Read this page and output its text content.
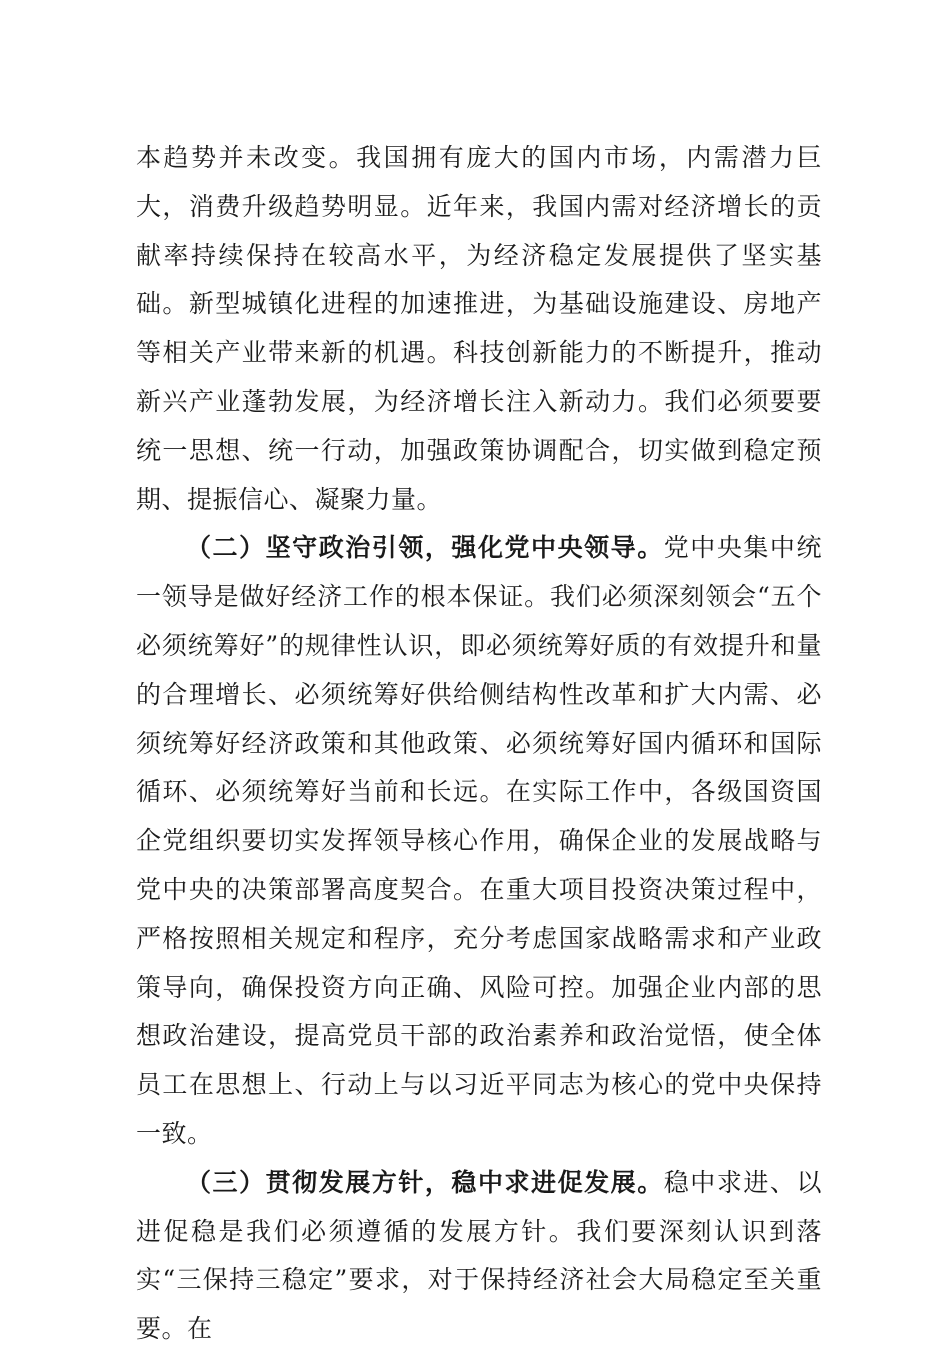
本趋势并未改变。我国拥有庞大的国内市场，内需潜力巨大，消费升级趋势明显。近年来，我国内需对经济增长的贡献率持续保持在较高水平，为经济稳定发展提供了坚实基础。新型城镇化进程的加速推进，为基础设施建设、房地产等相关产业带来新的机遇。科技创新能力的不断提升，推动新兴产业蓬勃发展，为经济增长注入新动力。我们必须要要统一思想、统一行动，加强政策协调配合，切实做到稳定预期、提振信心、凝聚力量。

（二）坚守政治引领，强化党中央领导。党中央集中统一领导是做好经济工作的根本保证。我们必须深刻领会“五个必须统筹好”的规律性认识，即必须统筹好质的有效提升和量的合理增长、必须统筹好供给侧结构性改革和扩大内需、必须统筹好经济政策和其他政策、必须统筹好国内循环和国际循环、必须统筹好当前和长远。在实际工作中，各级国资国企党组织要切实发挥领导核心作用，确保企业的发展战略与党中央的决策部署高度契合。在重大项目投资决策过程中，严格按照相关规定和程序，充分考虑国家战略需求和产业政策导向，确保投资方向正确、风险可控。加强企业内部的思想政治建设，提高党员干部的政治素养和政治觉悟，使全体员工在思想上、行动上与以习近平同志为核心的党中央保持一致。

（三）贯彻发展方针，稳中求进促发展。稳中求进、以进促稳是我们必须遵循的发展方针。我们要深刻认识到落实“三保持三稳定”要求，对于保持经济社会大局稳定至关重要。在
